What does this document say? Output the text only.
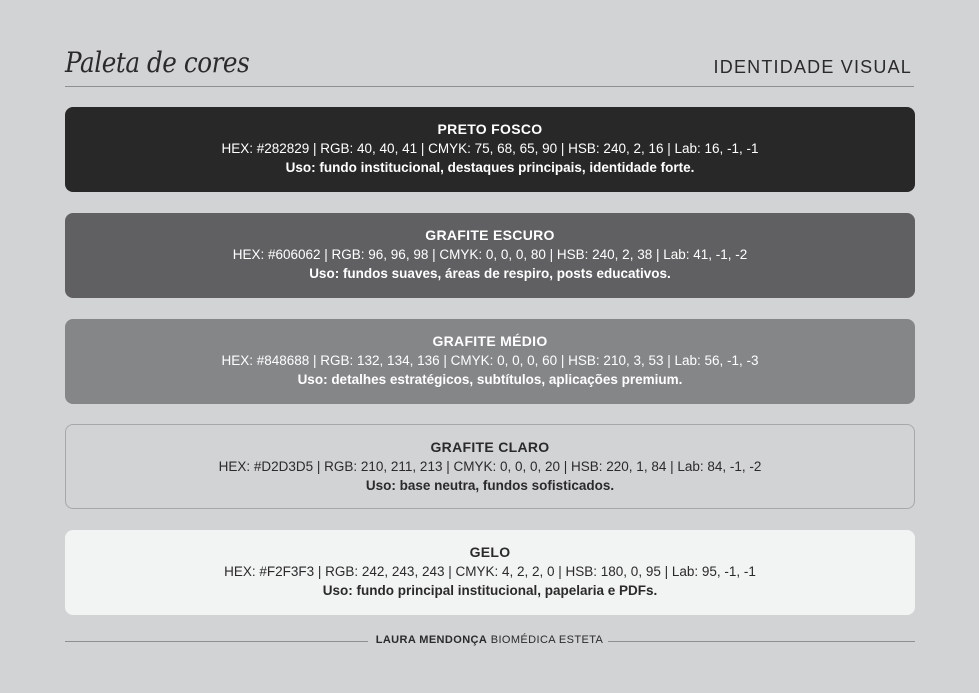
Paleta de cores	IDENTIDADE VISUAL
PRETO FOSCO
HEX: #282829 | RGB: 40, 40, 41 | CMYK: 75, 68, 65, 90 | HSB: 240, 2, 16 | Lab: 16, -1, -1
Uso: fundo institucional, destaques principais, identidade forte.
GRAFITE ESCURO
HEX: #606062 | RGB: 96, 96, 98 | CMYK: 0, 0, 0, 80 | HSB: 240, 2, 38 | Lab: 41, -1, -2
Uso: fundos suaves, áreas de respiro, posts educativos.
GRAFITE MÉDIO
HEX: #848688 | RGB: 132, 134, 136 | CMYK: 0, 0, 0, 60 | HSB: 210, 3, 53 | Lab: 56, -1, -3
Uso: detalhes estratégicos, subtítulos, aplicações premium.
GRAFITE CLARO
HEX: #D2D3D5 | RGB: 210, 211, 213 | CMYK: 0, 0, 0, 20 | HSB: 220, 1, 84 | Lab: 84, -1, -2
Uso: base neutra, fundos sofisticados.
GELO
HEX: #F2F3F3 | RGB: 242, 243, 243 | CMYK: 4, 2, 2, 0 | HSB: 180, 0, 95 | Lab: 95, -1, -1
Uso: fundo principal institucional, papelaria e PDFs.
LAURA MENDONÇA BIOMÉDICA ESTETA
